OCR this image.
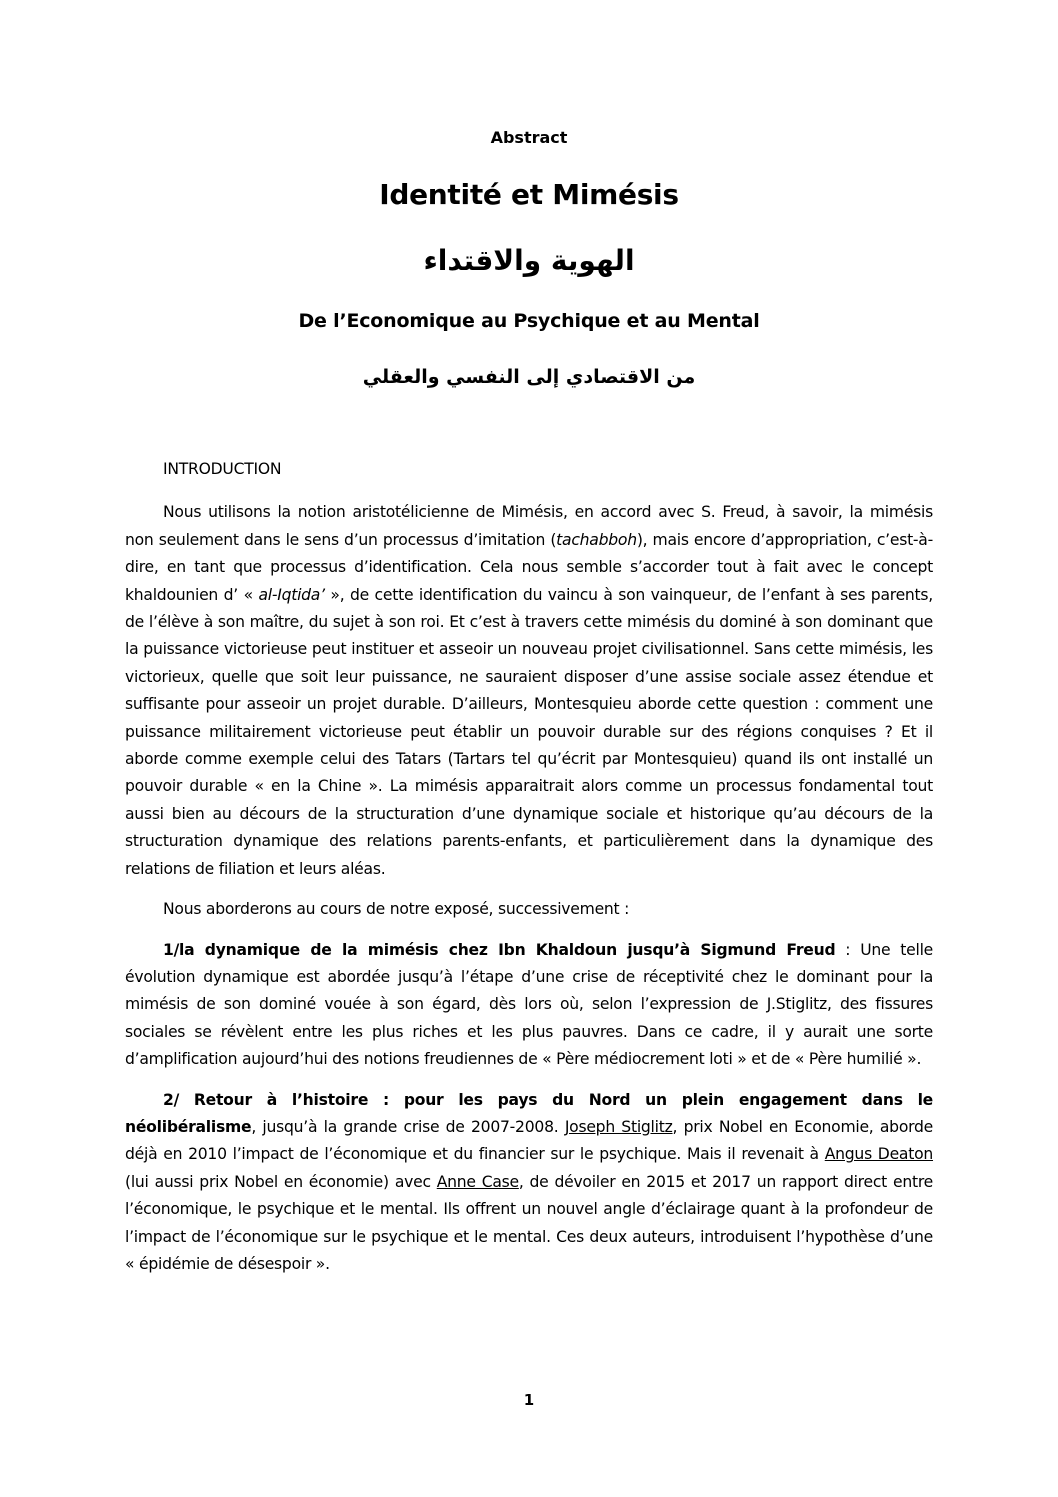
Abstract
Identité et Mimésis
الهوية والاقتداء
De l’Economique au Psychique et au Mental
من الاقتصادي إلى النفسي والعقلي
INTRODUCTION

Nous utilisons la notion aristotélicienne de Mimésis, en accord avec S. Freud, à savoir, la mimésis non seulement dans le sens d’un processus d’imitation (tachabboh), mais encore d’appropriation, c’est-à-dire, en tant que processus d’identification. Cela nous semble s’accorder tout à fait avec le concept khaldounien d’ « al-Iqtida’ », de cette identification du vaincu à son vainqueur, de l’enfant à ses parents, de l’élève à son maître, du sujet à son roi. Et c’est à travers cette mimésis du dominé à son dominant que la puissance victorieuse peut instituer et asseoir un nouveau projet civilisationnel. Sans cette mimésis, les victorieux, quelle que soit leur puissance, ne sauraient disposer d’une assise sociale assez étendue et suffisante pour asseoir un projet durable. D’ailleurs, Montesquieu aborde cette question : comment une puissance militairement victorieuse peut établir un pouvoir durable sur des régions conquises ? Et il aborde comme exemple celui des Tatars (Tartars tel qu’écrit par Montesquieu) quand ils ont installé un pouvoir durable « en la Chine ». La mimésis apparaitrait alors comme un processus fondamental tout aussi bien au décours de la structuration d’une dynamique sociale et historique qu’au décours de la structuration dynamique des relations parents-enfants, et particulièrement dans la dynamique des relations de filiation et leurs aléas.

Nous aborderons au cours de notre exposé, successivement :

1/la dynamique de la mimésis chez Ibn Khaldoun jusqu’à Sigmund Freud : Une telle évolution dynamique est abordée jusqu’à l’étape d’une crise de réceptivité chez le dominant pour la mimésis de son dominé vouée à son égard, dès lors où, selon l’expression de J.Stiglitz, des fissures sociales se révèlent entre les plus riches et les plus pauvres. Dans ce cadre, il y aurait une sorte d’amplification aujourd’hui des notions freudiennes de « Père médiocrement loti » et de « Père humilié ».

2/ Retour à l’histoire : pour les pays du Nord un plein engagement dans le néolibéralisme, jusqu’à la grande crise de 2007-2008. Joseph Stiglitz, prix Nobel en Economie, aborde déjà en 2010 l’impact de l’économique et du financier sur le psychique. Mais il revenait à Angus Deaton (lui aussi prix Nobel en économie) avec Anne Case, de dévoiler en 2015 et 2017 un rapport direct entre l’économique, le psychique et le mental. Ils offrent un nouvel angle d’éclairage quant à la profondeur de l’impact de l’économique sur le psychique et le mental. Ces deux auteurs, introduisent l’hypothèse d’une « épidémie de désespoir ».

1
